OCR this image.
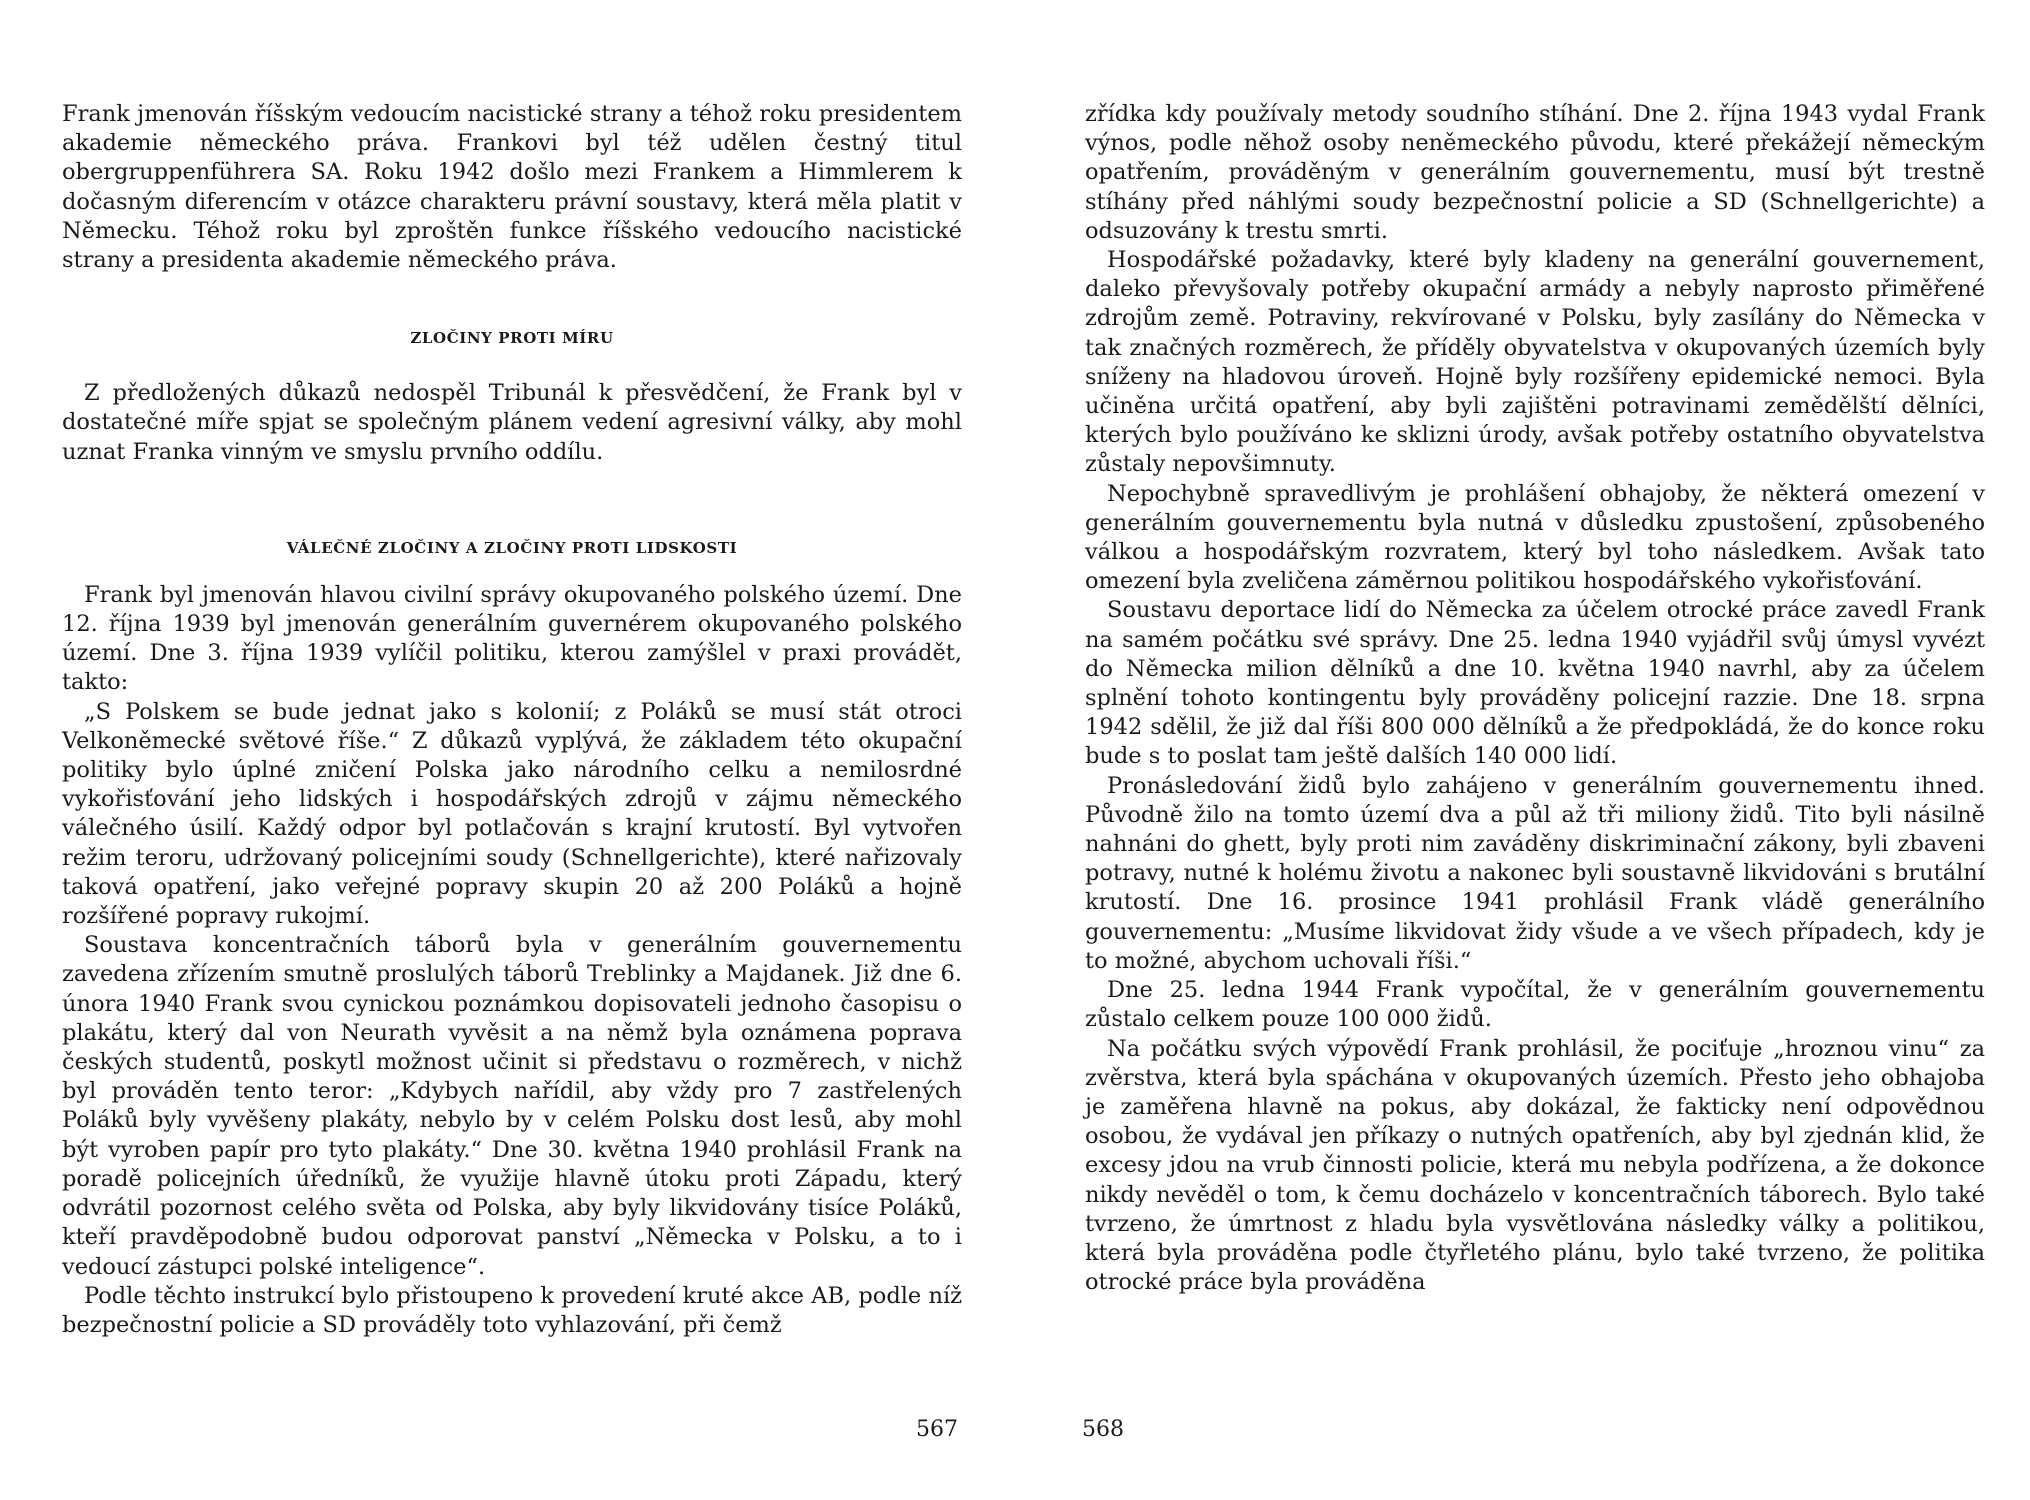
Frank jmenován říšským vedoucím nacistické strany a téhož roku presidentem akademie německého práva. Frankovi byl též udělen čestný titul obergruppenführera SA. Roku 1942 došlo mezi Frankem a Himmlerem k dočasným diferencím v otázce charakteru právní soustavy, která měla platit v Německu. Téhož roku byl zproštěn funkce říšského vedoucího nacistické strany a presidenta akademie německého práva.

ZLOČINY PROTI MÍRU

Z předložených důkazů nedospěl Tribunál k přesvědčení, že Frank byl v dostatečné míře spjat se společným plánem vedení agresivní války, aby mohl uznat Franka vinným ve smyslu prvního oddílu.

VÁLEČNÉ ZLOČINY A ZLOČINY PROTI LIDSKOSTI

Frank byl jmenován hlavou civilní správy okupovaného polského území. Dne 12. října 1939 byl jmenován generálním guvernérem okupovaného polského území. Dne 3. října 1939 vylíčil politiku, kterou zamýšlel v praxi provádět, takto:

„S Polskem se bude jednat jako s kolonií; z Poláků se musí stát otroci Velkoněmecké světové říše.“ Z důkazů vyplývá, že základem této okupační politiky bylo úplné zničení Polska jako národního celku a nemilosrdné vykořisťování jeho lidských i hospodářských zdrojů v zájmu německého válečného úsilí. Každý odpor byl potlačován s krajní krutostí. Byl vytvořen režim teroru, udržovaný policejními soudy (Schnellgerichte), které nařizovaly taková opatření, jako veřejné popravy skupin 20 až 200 Poláků a hojně rozšířené popravy rukojmí.

Soustava koncentračních táborů byla v generálním gouvernementu zavedena zřízením smutně proslulých táborů Treblinky a Majdanek. Již dne 6. února 1940 Frank svou cynickou poznámkou dopisovateli jednoho časopisu o plakátu, který dal von Neurath vyvěsit a na němž byla oznámena poprava českých studentů, poskytl možnost učinit si představu o rozměrech, v nichž byl prováděn tento teror: „Kdybych nařídil, aby vždy pro 7 zastřelených Poláků byly vyvěšeny plakáty, nebylo by v celém Polsku dost lesů, aby mohl být vyroben papír pro tyto plakáty.“ Dne 30. května 1940 prohlásil Frank na poradě policejních úředníků, že využije hlavně útoku proti Západu, který odvrátil pozornost celého světa od Polska, aby byly likvidovány tisíce Poláků, kteří pravděpodobně budou odporovat panství „Německa v Polsku, a to i vedoucí zástupci polské inteligence“.

Podle těchto instrukcí bylo přistoupeno k provedení kruté akce AB, podle níž bezpečnostní policie a SD prováděly toto vyhlazování, při čemž

zřídka kdy používaly metody soudního stíhání. Dne 2. října 1943 vydal Frank výnos, podle něhož osoby neněmeckého původu, které překážejí německým opatřením, prováděným v generálním gouvernementu, musí být trestně stíhány před náhlými soudy bezpečnostní policie a SD (Schnellgerichte) a odsuzovány k trestu smrti.

Hospodářské požadavky, které byly kladeny na generální gouvernement, daleko převyšovaly potřeby okupační armády a nebyly naprosto přiměřené zdrojům země. Potraviny, rekvírované v Polsku, byly zasílány do Německa v tak značných rozměrech, že příděly obyvatelstva v okupovaných územích byly sníženy na hladovou úroveň. Hojně byly rozšířeny epidemické nemoci. Byla učiněna určitá opatření, aby byli zajištěni potravinami zemědělští dělníci, kterých bylo používáno ke sklizni úrody, avšak potřeby ostatního obyvatelstva zůstaly nepovšimnuty.

Nepochybně spravedlivým je prohlášení obhajoby, že některá omezení v generálním gouvernementu byla nutná v důsledku zpustošení, způsobeného válkou a hospodářským rozvratem, který byl toho následkem. Avšak tato omezení byla zveličena záměrnou politikou hospodářského vykořisťování.

Soustavu deportace lidí do Německa za účelem otrocké práce zavedl Frank na samém počátku své správy. Dne 25. ledna 1940 vyjádřil svůj úmysl vyvézt do Německa milion dělníků a dne 10. května 1940 navrhl, aby za účelem splnění tohoto kontingentu byly prováděny policejní razzie. Dne 18. srpna 1942 sdělil, že již dal říši 800 000 dělníků a že předpokládá, že do konce roku bude s to poslat tam ještě dalších 140 000 lidí.

Pronásledování židů bylo zahájeno v generálním gouvernementu ihned. Původně žilo na tomto území dva a půl až tři miliony židů. Tito byli násilně nahnáni do ghett, byly proti nim zaváděny diskriminační zákony, byli zbaveni potravy, nutné k holému životu a nakonec byli soustavně likvidováni s brutální krutostí. Dne 16. prosince 1941 prohlásil Frank vládě generálního gouvernementu: „Musíme likvidovat židy všude a ve všech případech, kdy je to možné, abychom uchovali říši.“

Dne 25. ledna 1944 Frank vypočítal, že v generálním gouvernementu zůstalo celkem pouze 100 000 židů.

Na počátku svých výpovědí Frank prohlásil, že pociťuje „hroznou vinu“ za zvěrstva, která byla spáchána v okupovaných územích. Přesto jeho obhajoba je zaměřena hlavně na pokus, aby dokázal, že fakticky není odpovědnou osobou, že vydával jen příkazy o nutných opatřeních, aby byl zjednán klid, že excesy jdou na vrub činnosti policie, která mu nebyla podřízena, a že dokonce nikdy nevěděl o tom, k čemu docházelo v koncentračních táborech. Bylo také tvrzeno, že úmrtnost z hladu byla vysvětlována následky války a politikou, která byla prováděna podle čtyřletého plánu, bylo také tvrzeno, že politika otrocké práce byla prováděna

567	568
